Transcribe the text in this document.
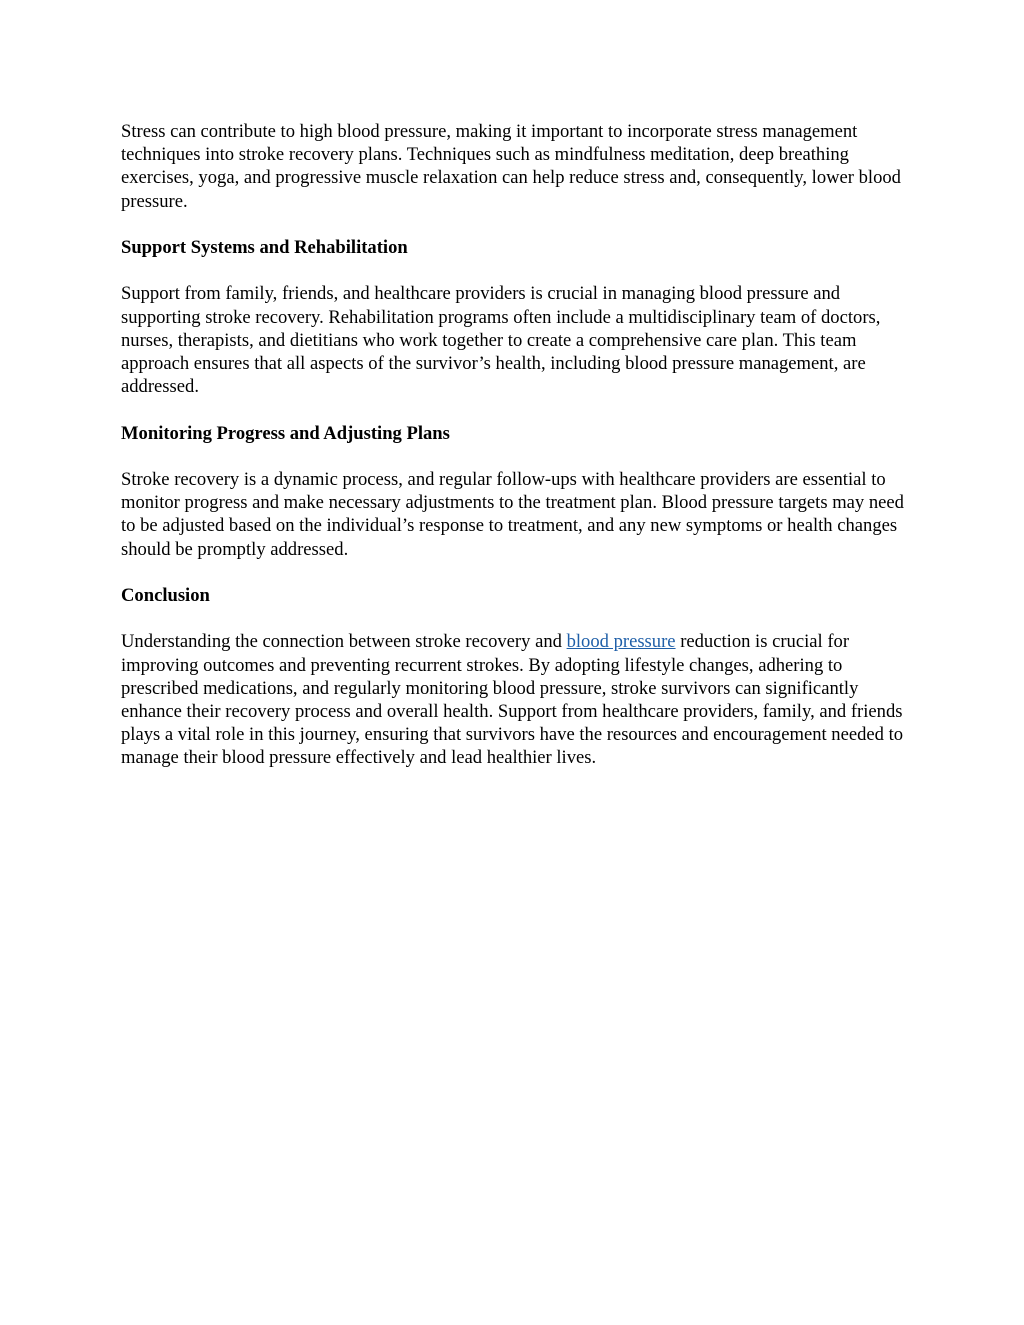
Stress can contribute to high blood pressure, making it important to incorporate stress management techniques into stroke recovery plans. Techniques such as mindfulness meditation, deep breathing exercises, yoga, and progressive muscle relaxation can help reduce stress and, consequently, lower blood pressure.

Support Systems and Rehabilitation

Support from family, friends, and healthcare providers is crucial in managing blood pressure and supporting stroke recovery. Rehabilitation programs often include a multidisciplinary team of doctors, nurses, therapists, and dietitians who work together to create a comprehensive care plan. This team approach ensures that all aspects of the survivor’s health, including blood pressure management, are addressed.

Monitoring Progress and Adjusting Plans

Stroke recovery is a dynamic process, and regular follow-ups with healthcare providers are essential to monitor progress and make necessary adjustments to the treatment plan. Blood pressure targets may need to be adjusted based on the individual’s response to treatment, and any new symptoms or health changes should be promptly addressed.

Conclusion

Understanding the connection between stroke recovery and blood pressure reduction is crucial for improving outcomes and preventing recurrent strokes. By adopting lifestyle changes, adhering to prescribed medications, and regularly monitoring blood pressure, stroke survivors can significantly enhance their recovery process and overall health. Support from healthcare providers, family, and friends plays a vital role in this journey, ensuring that survivors have the resources and encouragement needed to manage their blood pressure effectively and lead healthier lives.
